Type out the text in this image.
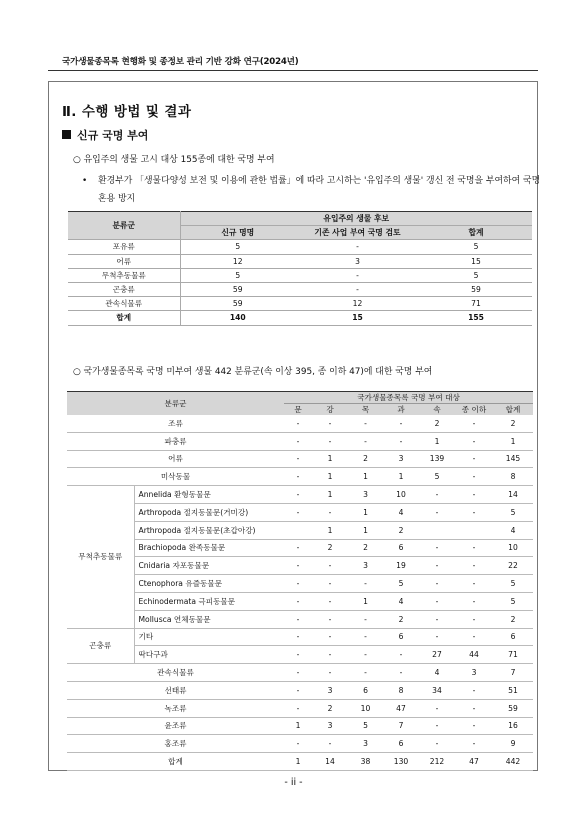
국가생물종목록 현행화 및 종정보 관리 기반 강화 연구(2024년)
Ⅱ. 수행 방법 및 결과
신규 국명 부여
○ 유입주의 생물 고시 대상 155종에 대한 국명 부여
• 환경부가 「생물다양성 보전 및 이용에 관한 법률」에 따라 고시하는 '유입주의 생물' 갱신 전 국명을 부여하여 국명 혼용 방지
분류군	유입주의 생물 후보		
	신규 명명	기존 사업 부여 국명 검토	합계
포유류	5	-	5
어류	12	3	15
무척추동물류	5	-	5
곤충류	59	-	59
관속식물류	59	12	71
합계	140	15	155
○ 국가생물종목록 국명 미부여 생물 442 분류군(속 이상 395, 종 이하 47)에 대한 국명 부여
분류군		국가생물종목록 국명 부여 대상						
		문	강	목	과	속	종 이하	합계
조류		-	-	-	-	2	-	2
파충류		-	-	-	-	1	-	1
어류		-	1	2	3	139	-	145
미삭동물		-	1	1	1	5	-	8
무척추동물류	Annelida 환형동물문	-	1	3	10	-	-	14
	Arthropoda 절지동물문(거미강)	-	-	1	4	-	-	5
	Arthropoda 절지동물문(초갑아강)		1	1	2			4
	Brachiopoda 완족동물문	-	2	2	6	-	-	10
	Cnidaria 자포동물문	-	-	3	19	-	-	22
	Ctenophora 유즐동물문	-	-	-	5	-	-	5
	Echinodermata 극피동물문	-	-	1	4	-	-	5
	Mollusca 연체동물문	-	-	-	2	-	-	2
곤충류	기타	-	-	-	6	-	-	6
	딱다구과	-	-	-	-	27	44	71
관속식물류		-	-	-	-	4	3	7
선태류		-	3	6	8	34	-	51
녹조류		-	2	10	47	-	-	59
윤조류		1	3	5	7	-	-	16
홍조류		-	-	3	6	-	-	9
합계		1	14	38	130	212	47	442
- ii -
